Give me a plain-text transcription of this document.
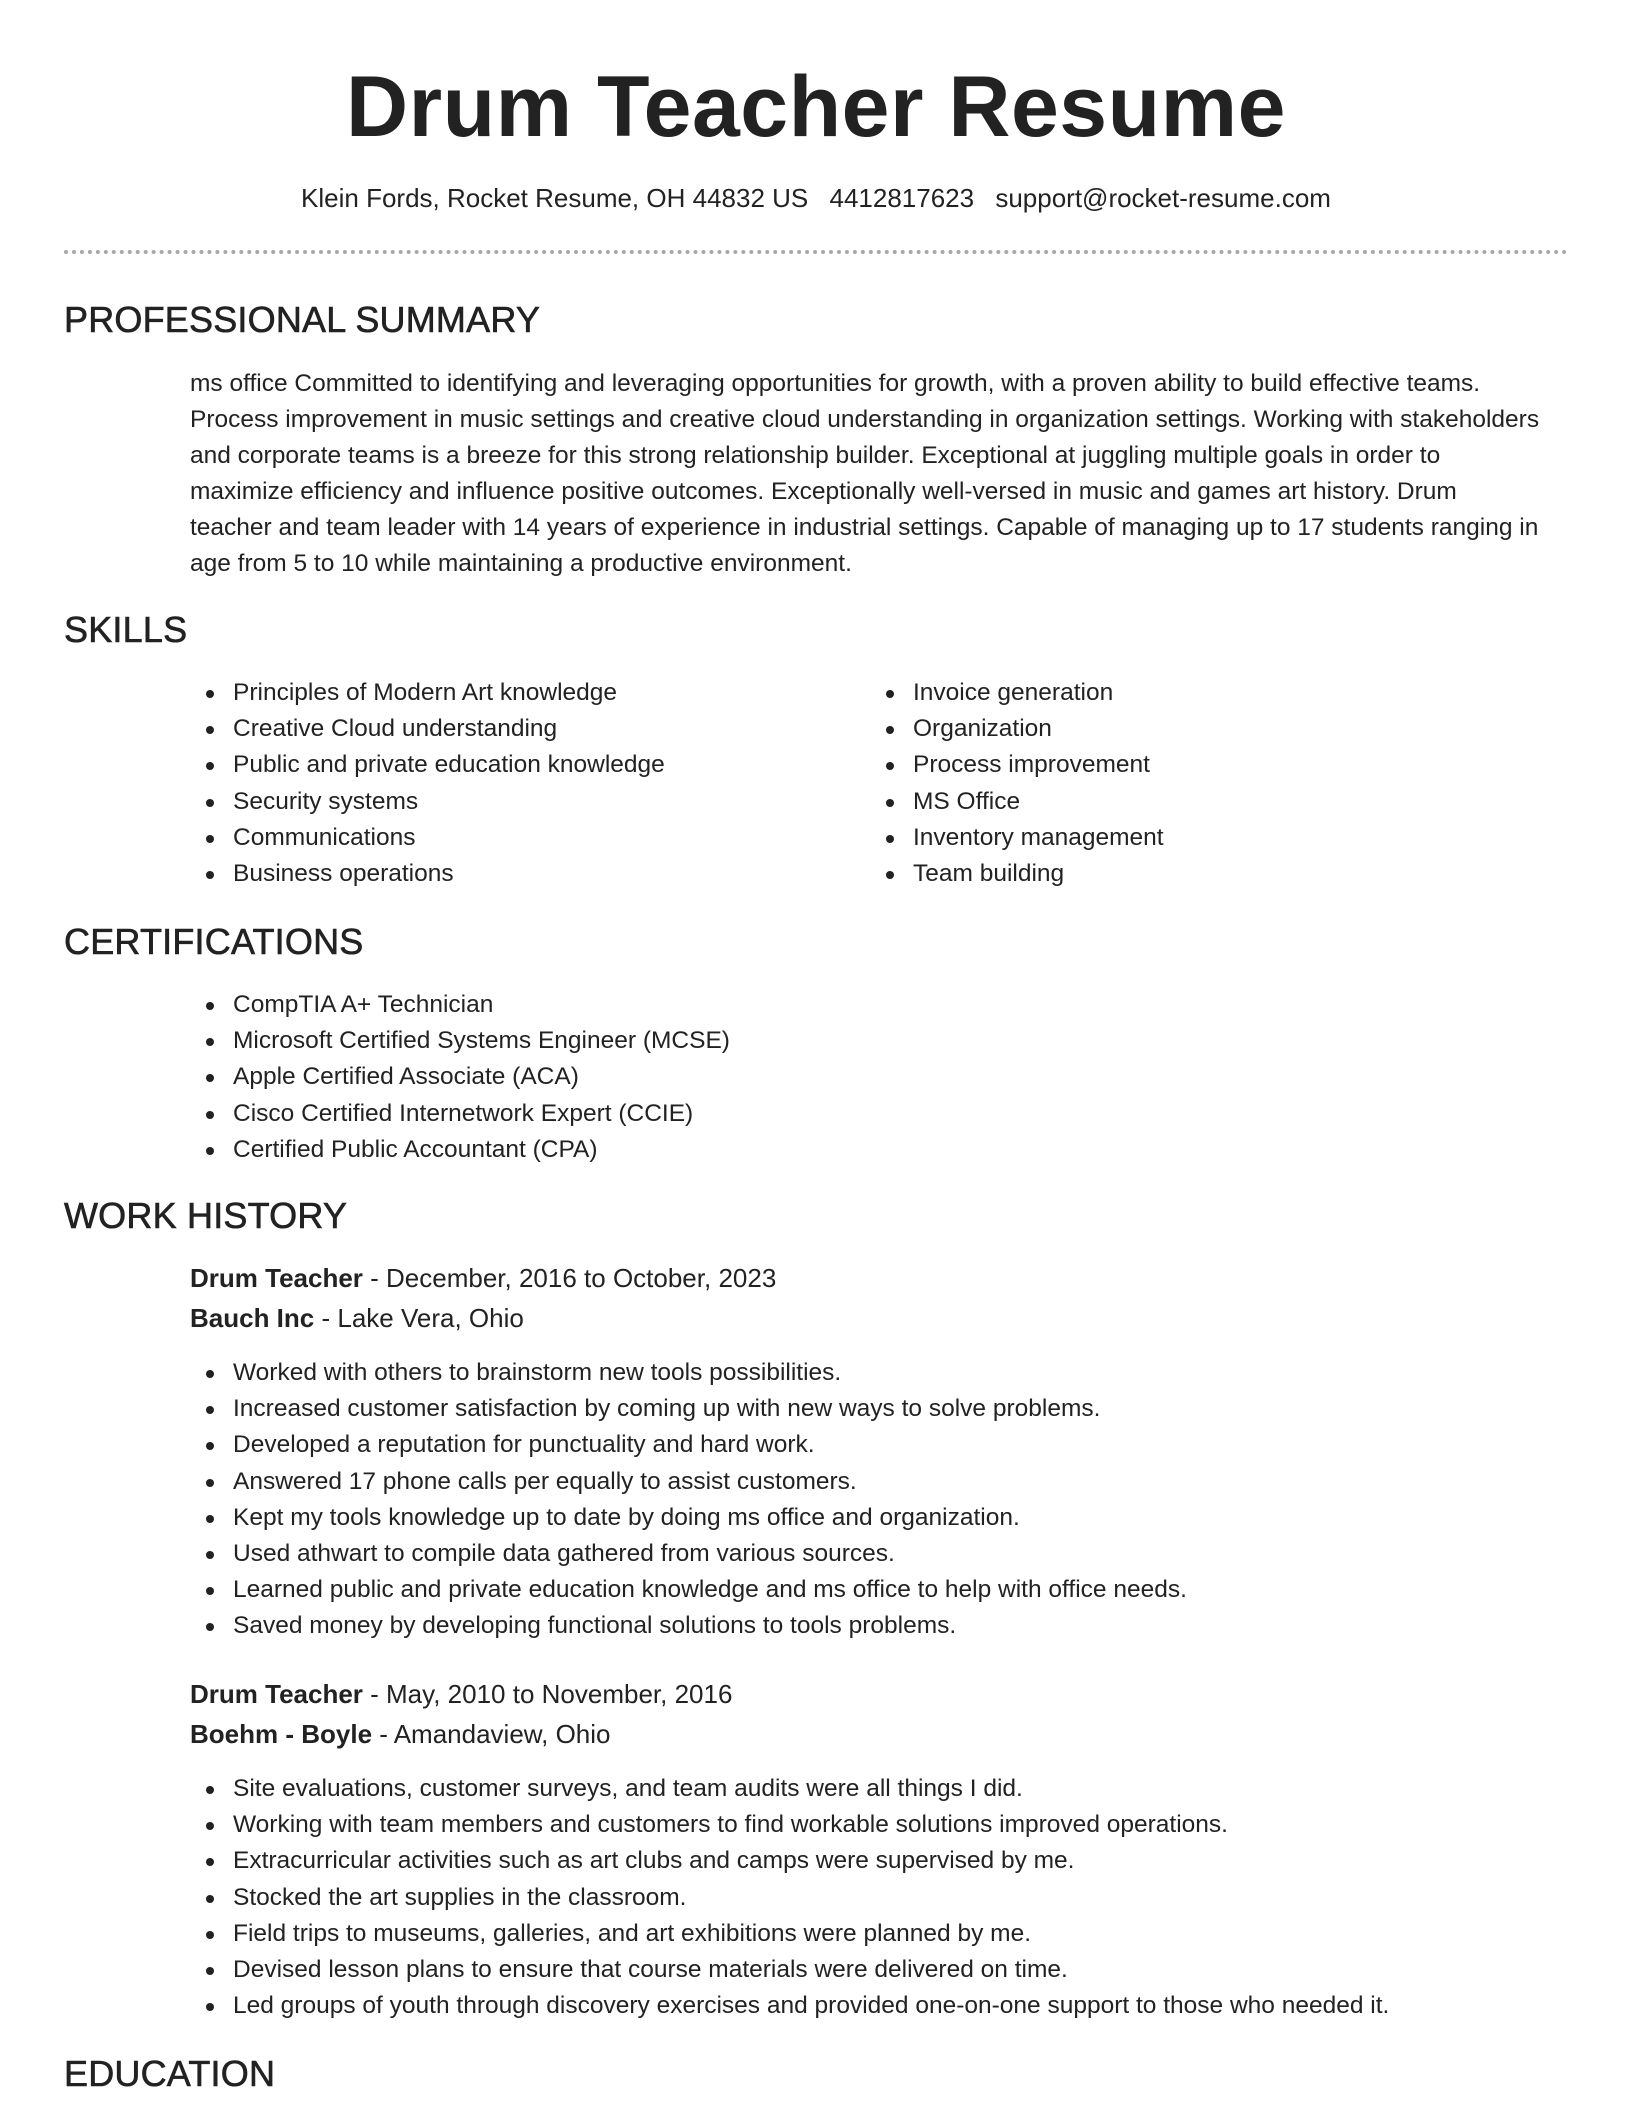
Drum Teacher Resume
Klein Fords, Rocket Resume, OH 44832 US 4412817623 support@rocket-resume.com
PROFESSIONAL SUMMARY

ms office Committed to identifying and leveraging opportunities for growth, with a proven ability to build effective teams. Process improvement in music settings and creative cloud understanding in organization settings. Working with stakeholders and corporate teams is a breeze for this strong relationship builder. Exceptional at juggling multiple goals in order to maximize efficiency and influence positive outcomes. Exceptionally well-versed in music and games art history. Drum teacher and team leader with 14 years of experience in industrial settings. Capable of managing up to 17 students ranging in age from 5 to 10 while maintaining a productive environment.

SKILLS
Principles of Modern Art knowledge
Creative Cloud understanding
Public and private education knowledge
Security systems
Communications
Business operations
Invoice generation
Organization
Process improvement
MS Office
Inventory management
Team building
CERTIFICATIONS
CompTIA A+ Technician
Microsoft Certified Systems Engineer (MCSE)
Apple Certified Associate (ACA)
Cisco Certified Internetwork Expert (CCIE)
Certified Public Accountant (CPA)
WORK HISTORY
Drum Teacher - December, 2016 to October, 2023
Bauch Inc - Lake Vera, Ohio
Worked with others to brainstorm new tools possibilities.
Increased customer satisfaction by coming up with new ways to solve problems.
Developed a reputation for punctuality and hard work.
Answered 17 phone calls per equally to assist customers.
Kept my tools knowledge up to date by doing ms office and organization.
Used athwart to compile data gathered from various sources.
Learned public and private education knowledge and ms office to help with office needs.
Saved money by developing functional solutions to tools problems.
Drum Teacher - May, 2010 to November, 2016
Boehm - Boyle - Amandaview, Ohio
Site evaluations, customer surveys, and team audits were all things I did.
Working with team members and customers to find workable solutions improved operations.
Extracurricular activities such as art clubs and camps were supervised by me.
Stocked the art supplies in the classroom.
Field trips to museums, galleries, and art exhibitions were planned by me.
Devised lesson plans to ensure that course materials were delivered on time.
Led groups of youth through discovery exercises and provided one-on-one support to those who needed it.
EDUCATION
